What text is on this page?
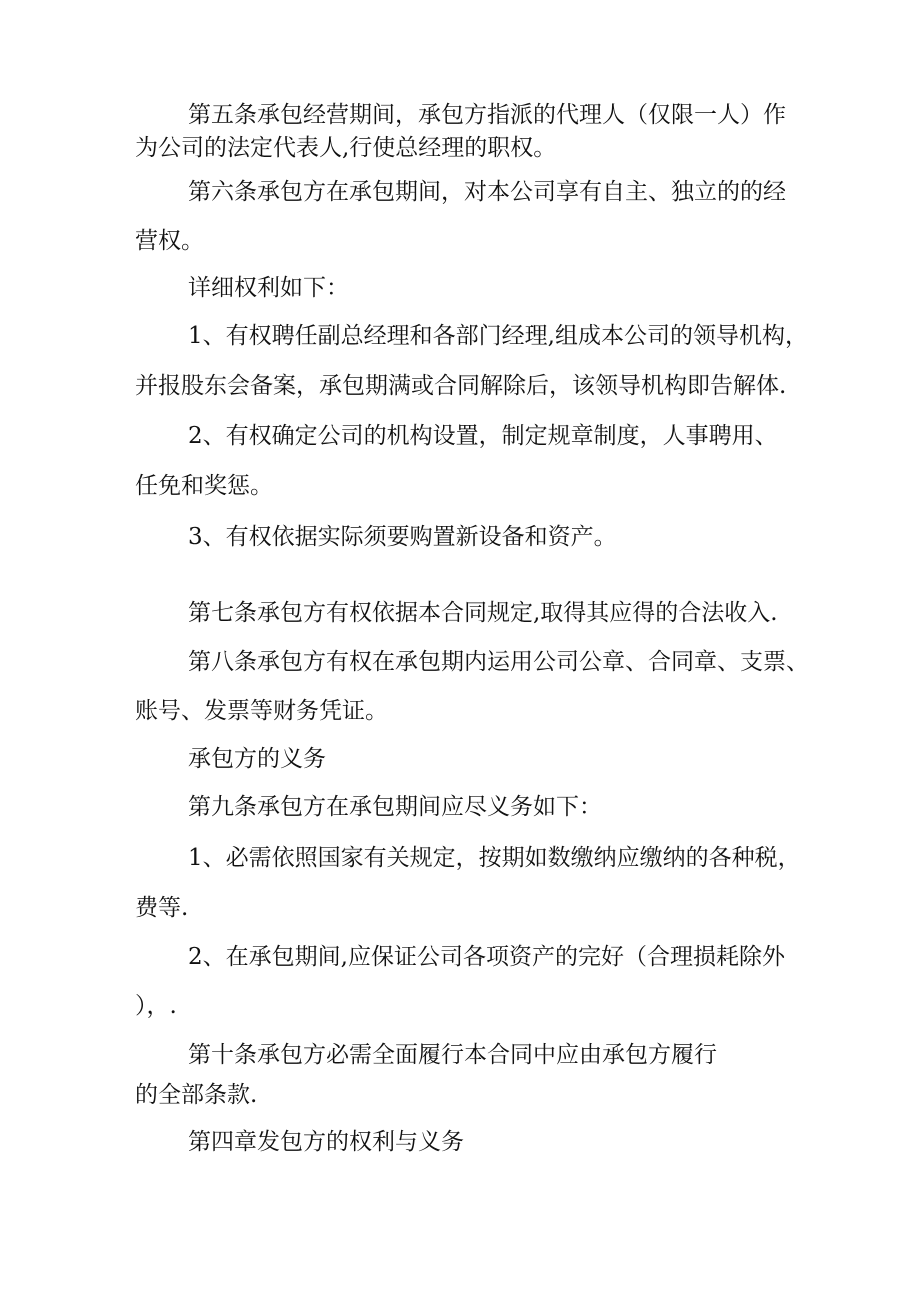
第五条承包经营期间，承包方指派的代理人（仅限一人）作
为公司的法定代表人,行使总经理的职权。
第六条承包方在承包期间，对本公司享有自主、独立的的经
营权。
详细权利如下：
1、有权聘任副总经理和各部门经理,组成本公司的领导机构，
并报股东会备案，承包期满或合同解除后，该领导机构即告解体.
2、有权确定公司的机构设置，制定规章制度，人事聘用、
任免和奖惩。
3、有权依据实际须要购置新设备和资产。
第七条承包方有权依据本合同规定,取得其应得的合法收入.
第八条承包方有权在承包期内运用公司公章、合同章、支票、
账号、发票等财务凭证。
承包方的义务
第九条承包方在承包期间应尽义务如下：
1、必需依照国家有关规定，按期如数缴纳应缴纳的各种税，
费等.
2、在承包期间,应保证公司各项资产的完好（合理损耗除外
），.
第十条承包方必需全面履行本合同中应由承包方履行
的全部条款.
第四章发包方的权利与义务
